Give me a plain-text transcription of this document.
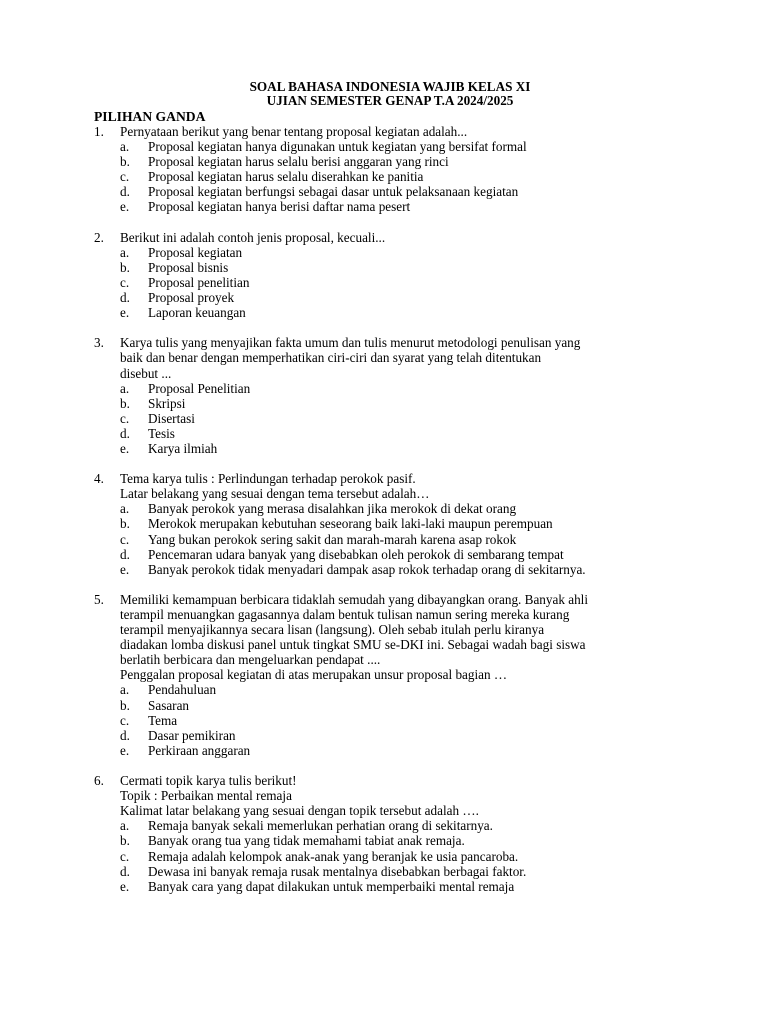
SOAL BAHASA INDONESIA WAJIB KELAS XI
UJIAN SEMESTER GENAP T.A 2024/2025
PILIHAN GANDA
1. Pernyataan berikut yang benar tentang proposal kegiatan adalah...
a. Proposal kegiatan hanya digunakan untuk kegiatan yang bersifat formal
b. Proposal kegiatan harus selalu berisi anggaran yang rinci
c. Proposal kegiatan harus selalu diserahkan ke panitia
d. Proposal kegiatan berfungsi sebagai dasar untuk pelaksanaan kegiatan
e. Proposal kegiatan hanya berisi daftar nama pesert
2. Berikut ini adalah contoh jenis proposal, kecuali...
a. Proposal kegiatan
b. Proposal bisnis
c. Proposal penelitian
d. Proposal proyek
e. Laporan keuangan
3. Karya tulis yang menyajikan fakta umum dan tulis menurut metodologi penulisan yang
baik dan benar dengan memperhatikan ciri-ciri dan syarat yang telah ditentukan
disebut ...
a. Proposal Penelitian
b. Skripsi
c. Disertasi
d. Tesis
e. Karya ilmiah
4. Tema karya tulis : Perlindungan terhadap perokok pasif.
Latar belakang yang sesuai dengan tema tersebut adalah…
a. Banyak perokok yang merasa disalahkan jika merokok di dekat orang
b. Merokok merupakan kebutuhan seseorang baik laki-laki maupun perempuan
c. Yang bukan perokok sering sakit dan marah-marah karena asap rokok
d. Pencemaran udara banyak yang disebabkan oleh perokok di sembarang tempat
e. Banyak perokok tidak menyadari dampak asap rokok terhadap orang di sekitarnya.
5. Memiliki kemampuan berbicara tidaklah semudah yang dibayangkan orang. Banyak ahli
terampil menuangkan gagasannya dalam bentuk tulisan namun sering mereka kurang
terampil menyajikannya secara lisan (langsung). Oleh sebab itulah perlu kiranya
diadakan lomba diskusi panel untuk tingkat SMU se-DKI ini. Sebagai wadah bagi siswa
berlatih berbicara dan mengeluarkan pendapat ....
Penggalan proposal kegiatan di atas merupakan unsur proposal bagian …
a. Pendahuluan
b. Sasaran
c. Tema
d. Dasar pemikiran
e. Perkiraan anggaran
6. Cermati topik karya tulis berikut!
Topik : Perbaikan mental remaja
Kalimat latar belakang yang sesuai dengan topik tersebut adalah ….
a. Remaja banyak sekali memerlukan perhatian orang di sekitarnya.
b. Banyak orang tua yang tidak memahami tabiat anak remaja.
c. Remaja adalah kelompok anak-anak yang beranjak ke usia pancaroba.
d. Dewasa ini banyak remaja rusak mentalnya disebabkan berbagai faktor.
e. Banyak cara yang dapat dilakukan untuk memperbaiki mental remaja
